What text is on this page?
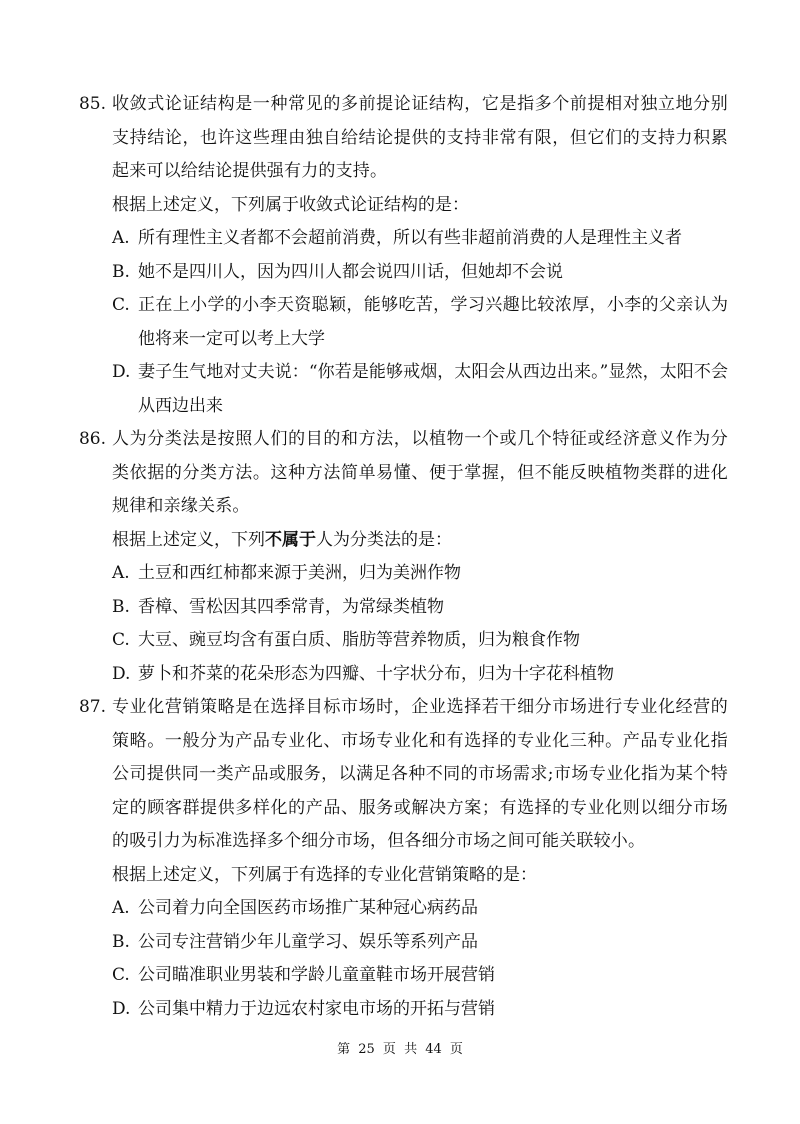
85. 收敛式论证结构是一种常见的多前提论证结构，它是指多个前提相对独立地分别支持结论，也许这些理由独自给结论提供的支持非常有限，但它们的支持力积累起来可以给结论提供强有力的支持。
根据上述定义，下列属于收敛式论证结构的是：
A. 所有理性主义者都不会超前消费，所以有些非超前消费的人是理性主义者
B. 她不是四川人，因为四川人都会说四川话，但她却不会说
C. 正在上小学的小李天资聪颖，能够吃苦，学习兴趣比较浓厚，小李的父亲认为他将来一定可以考上大学
D. 妻子生气地对丈夫说：“你若是能够戒烟，太阳会从西边出来。”显然，太阳不会从西边出来
86. 人为分类法是按照人们的目的和方法，以植物一个或几个特征或经济意义作为分类依据的分类方法。这种方法简单易懂、便于掌握，但不能反映植物类群的进化规律和亲缘关系。
根据上述定义，下列不属于人为分类法的是：
A. 土豆和西红柿都来源于美洲，归为美洲作物
B. 香樟、雪松因其四季常青，为常绿类植物
C. 大豆、豌豆均含有蛋白质、脂肪等营养物质，归为粮食作物
D. 萝卜和芥菜的花朵形态为四瓣、十字状分布，归为十字花科植物
87. 专业化营销策略是在选择目标市场时，企业选择若干细分市场进行专业化经营的策略。一般分为产品专业化、市场专业化和有选择的专业化三种。产品专业化指公司提供同一类产品或服务，以满足各种不同的市场需求;市场专业化指为某个特定的顾客群提供多样化的产品、服务或解决方案；有选择的专业化则以细分市场的吸引力为标准选择多个细分市场，但各细分市场之间可能关联较小。
根据上述定义，下列属于有选择的专业化营销策略的是：
A. 公司着力向全国医药市场推广某种冠心病药品
B. 公司专注营销少年儿童学习、娱乐等系列产品
C. 公司瞄准职业男装和学龄儿童童鞋市场开展营销
D. 公司集中精力于边远农村家电市场的开拓与营销
第 25 页 共 44 页
